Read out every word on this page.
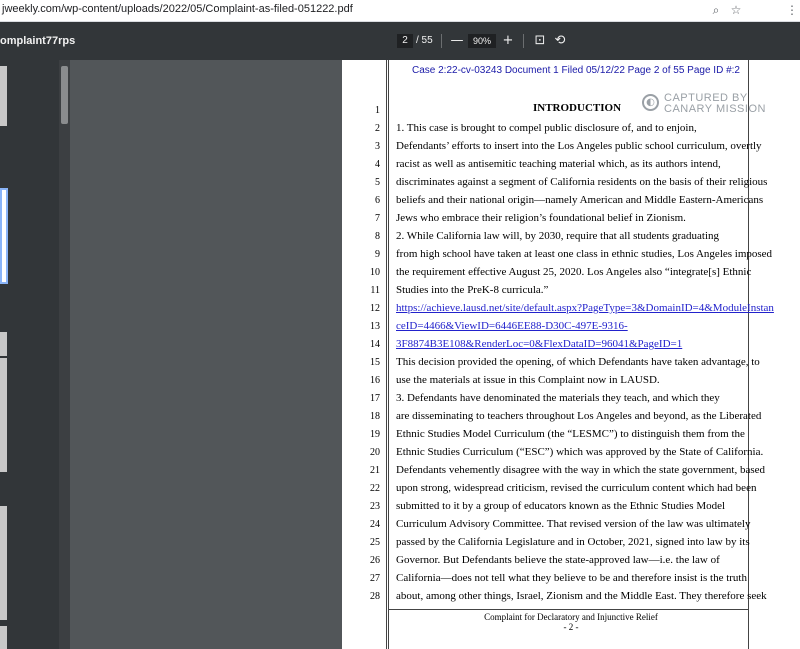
jweekly.com/wp-content/uploads/2022/05/Complaint-as-filed-051222.pdf	⌕ ☆	⋮
omplaint77rps	2 / 55 —	90% + ⊡ ⟲
Case 2:22-cv-03243 Document 1 Filed 05/12/22 Page 2 of 55 Page ID #:2
◐ CAPTURED BY
CANARY MISSION
INTRODUCTION
1
2 1. This case is brought to compel public disclosure of, and to enjoin,
3 Defendants’ efforts to insert into the Los Angeles public school curriculum, overtly
4 racist as well as antisemitic teaching material which, as its authors intend,
5 discriminates against a segment of California residents on the basis of their religious
6 beliefs and their national origin—namely American and Middle Eastern-Americans
7 Jews who embrace their religion’s foundational belief in Zionism.
8 2. While California law will, by 2030, require that all students graduating
9 from high school have taken at least one class in ethnic studies, Los Angeles imposed
10 the requirement effective August 25, 2020. Los Angeles also “integrate[s] Ethnic
11 Studies into the PreK-8 curricula.”
12 https://achieve.lausd.net/site/default.aspx?PageType=3&DomainID=4&ModuleInstan
13 ceID=4466&ViewID=6446EE88-D30C-497E-9316-
14 3F8874B3E108&RenderLoc=0&FlexDataID=96041&PageID=1
15 This decision provided the opening, of which Defendants have taken advantage, to
16 use the materials at issue in this Complaint now in LAUSD.
17 3. Defendants have denominated the materials they teach, and which they
18 are disseminating to teachers throughout Los Angeles and beyond, as the Liberated
19 Ethnic Studies Model Curriculum (the “LESMC”) to distinguish them from the
20 Ethnic Studies Curriculum (“ESC”) which was approved by the State of California.
21 Defendants vehemently disagree with the way in which the state government, based
22 upon strong, widespread criticism, revised the curriculum content which had been
23 submitted to it by a group of educators known as the Ethnic Studies Model
24 Curriculum Advisory Committee. That revised version of the law was ultimately
25 passed by the California Legislature and in October, 2021, signed into law by its
26 Governor. But Defendants believe the state-approved law—i.e. the law of
27 California—does not tell what they believe to be and therefore insist is the truth
28 about, among other things, Israel, Zionism and the Middle East. They therefore seek
Complaint for Declaratory and Injunctive Relief
- 2 -
